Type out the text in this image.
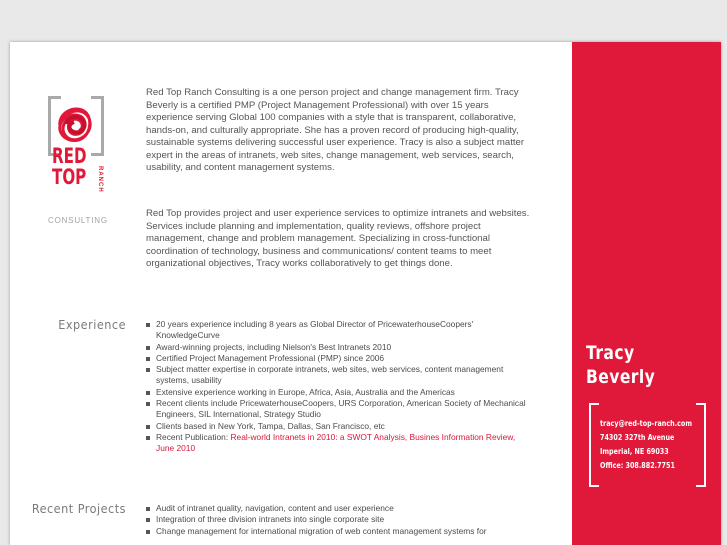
RED
TOP RANCH
CONSULTING

Red Top Ranch Consulting is a one person project and change management firm. Tracy Beverly is a certified PMP (Project Management Professional) with over 15 years experience serving Global 100 companies with a style that is transparent, collaborative, hands-on, and culturally appropriate. She has a proven record of producing high-quality, sustainable systems delivering successful user experience. Tracy is also a subject matter expert in the areas of intranets, web sites, change management, web services, search, usability, and content management systems.

Red Top provides project and user experience services to optimize intranets and websites. Services include planning and implementation, quality reviews, offshore project management, change and problem management. Specializing in cross-functional coordination of technology, business and communications/ content teams to meet organizational objectives, Tracy works collaboratively to get things done.

Experience	20 years experience including 8 years as Global Director of PricewaterhouseCoopers' KnowledgeCurve
Award-winning projects, including Nielson's Best Intranets 2010
Certified Project Management Professional (PMP) since 2006
Subject matter expertise in corporate intranets, web sites, web services, content management systems, usability
Extensive experience working in Europe, Africa, Asia, Australia and the Americas
Recent clients include PricewaterhouseCoopers, URS Corporation, American Society of Mechanical Engineers, SIL International, Strategy Studio
Clients based in New York, Tampa, Dallas, San Francisco, etc
Recent Publication: Real-world Intranets in 2010: a SWOT Analysis, Busines Information Review, June 2010
Recent Projects	Audit of intranet quality, navigation, content and user experience
Integration of three division intranets into single corporate site
Change management for international migration of web content management systems for
Tracy
Beverly
tracy@red-top-ranch.com
74302 327th Avenue
Imperial, NE 69033
Office: 308.882.7751
